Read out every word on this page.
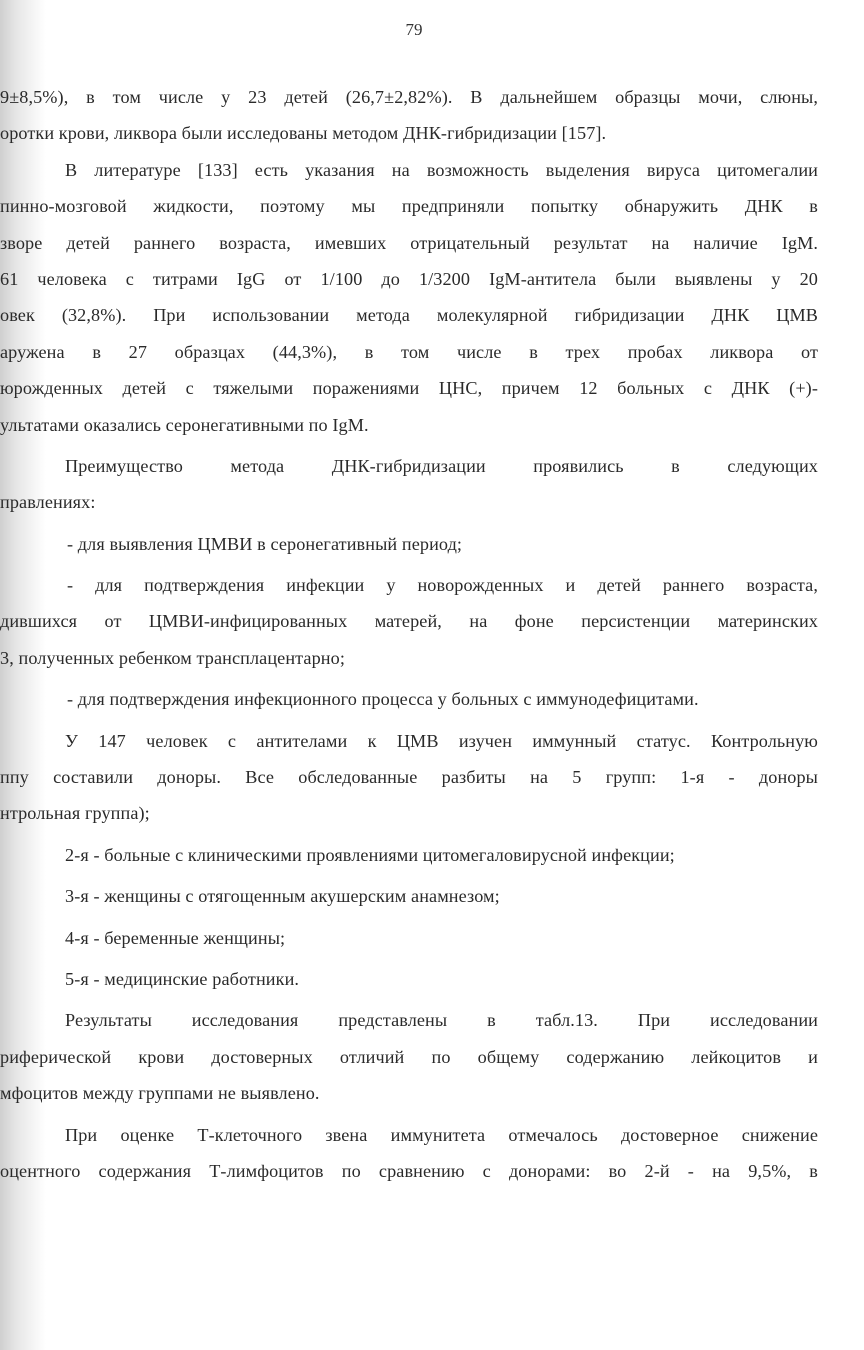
79
9±8,5%), в том числе у 23 детей (26,7±2,82%). В дальнейшем образцы мочи, слюны,
оротки крови, ликвора были исследованы методом ДНК-гибридизации [157].
В литературе [133] есть указания на возможность выделения вируса цитомегалии
пинно-мозговой жидкости, поэтому мы предприняли попытку обнаружить ДНК в
зворе детей раннего возраста, имевших отрицательный результат на наличие IgM.
61 человека с титрами IgG от 1/100 до 1/3200 IgM-антитела были выявлены у 20
овек (32,8%). При использовании метода молекулярной гибридизации ДНК ЦМВ
аружена в 27 образцах (44,3%), в том числе в трех пробах ликвора от
юрожденных детей с тяжелыми поражениями ЦНС, причем 12 больных с ДНК (+)-
ультатами оказались серонегативными по IgM.
Преимущество метода ДНК-гибридизации проявились в следующих
правлениях:
- для выявления ЦМВИ в серонегативный период;
- для подтверждения инфекции у новорожденных и детей раннего возраста,
дившихся от ЦМВИ-инфицированных матерей, на фоне персистенции материнских
3, полученных ребенком трансплацентарно;
- для подтверждения инфекционного процесса у больных с иммунодефицитами.
У 147 человек с антителами к ЦМВ изучен иммунный статус. Контрольную
ппу составили доноры. Все обследованные разбиты на 5 групп: 1-я - доноры
нтрольная группа);
2-я - больные с клиническими проявлениями цитомегаловирусной инфекции;
3-я - женщины с отягощенным акушерским анамнезом;
4-я - беременные женщины;
5-я - медицинские работники.
Результаты исследования представлены в табл.13. При исследовании
риферической крови достоверных отличий по общему содержанию лейкоцитов и
мфоцитов между группами не выявлено.
При оценке Т-клеточного звена иммунитета отмечалось достоверное снижение
оцентного содержания Т-лимфоцитов по сравнению с донорами: во 2-й - на 9,5%, в
